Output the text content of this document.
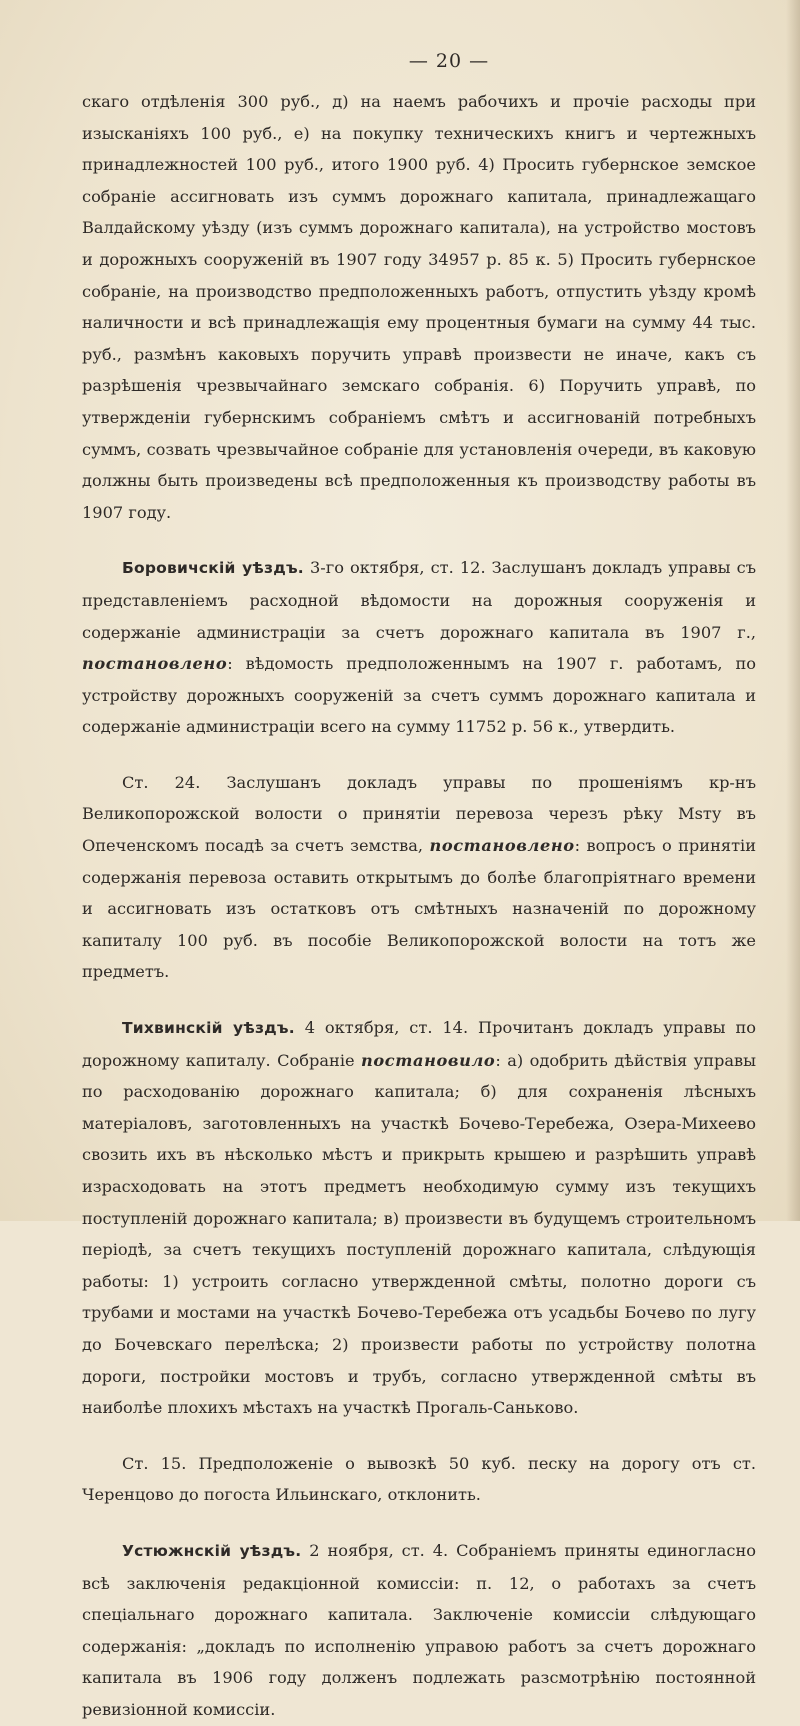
— 20 —

скаго отдѣленія 300 руб., д) на наемъ рабочихъ и прочіе расходы при изысканіяхъ 100 руб., е) на покупку техническихъ книгъ и чертежныхъ принадлежностей 100 руб., итого 1900 руб. 4) Просить губернское земское собраніе ассигновать изъ суммъ дорожнаго капитала, принадлежащаго Валдайскому уѣзду (изъ суммъ дорожнаго капитала), на устройство мостовъ и дорожныхъ сооруженій въ 1907 году 34957 р. 85 к. 5) Просить губернское собраніе, на производство предположенныхъ работъ, отпустить уѣзду кромѣ наличности и всѣ принадлежащія ему процентныя бумаги на сумму 44 тыс. руб., размѣнъ каковыхъ поручить управѣ произвести не иначе, какъ съ разрѣшенія чрезвычайнаго земскаго собранія. 6) Поручить управѣ, по утвержденіи губернскимъ собраніемъ смѣтъ и ассигнованій потребныхъ суммъ, созвать чрезвычайное собраніе для установленія очереди, въ каковую должны быть произведены всѣ предположенныя къ производству работы въ 1907 году.

Боровичскій уѣздъ. 3-го октября, ст. 12. Заслушанъ докладъ управы съ представленіемъ расходной вѣдомости на дорожныя сооруженія и содержаніе администраціи за счетъ дорожнаго капитала въ 1907 г., постановлено: вѣдомость предположеннымъ на 1907 г. работамъ, по устройству дорожныхъ сооруженій за счетъ суммъ дорожнаго капитала и содержаніе администраціи всего на сумму 11752 р. 56 к., утвердить.

Ст. 24. Заслушанъ докладъ управы по прошеніямъ кр-нъ Великопорожской волости о принятіи перевоза черезъ рѣку Msту въ Опеченскомъ посадѣ за счетъ земства, постановлено: вопросъ о принятіи содержанія перевоза оставить открытымъ до болѣе благопріятнаго времени и ассигновать изъ остатковъ отъ смѣтныхъ назначеній по дорожному капиталу 100 руб. въ пособіе Великопорожской волости на тотъ же предметъ.

Тихвинскій уѣздъ. 4 октября, ст. 14. Прочитанъ докладъ управы по дорожному капиталу. Собраніе постановило: а) одобрить дѣйствія управы по расходованію дорожнаго капитала; б) для сохраненія лѣсныхъ матеріаловъ, заготовленныхъ на участкѣ Бочево-Теребежа, Озера-Михеево свозить ихъ въ нѣсколько мѣстъ и прикрыть крышею и разрѣшить управѣ израсходовать на этотъ предметъ необходимую сумму изъ текущихъ поступленій дорожнаго капитала; в) произвести въ будущемъ строительномъ періодѣ, за счетъ текущихъ поступленій дорожнаго капитала, слѣдующія работы: 1) устроить согласно утвержденной смѣты, полотно дороги съ трубами и мостами на участкѣ Бочево-Теребежа отъ усадьбы Бочево по лугу до Бочевскаго перелѣска; 2) произвести работы по устройству полотна дороги, постройки мостовъ и трубъ, согласно утвержденной смѣты въ наиболѣе плохихъ мѣстахъ на участкѣ Прогаль-Саньково.

Ст. 15. Предположеніе о вывозкѣ 50 куб. песку на дорогу отъ ст. Черенцово до погоста Ильинскаго, отклонить.

Устюжнскій уѣздъ. 2 ноября, ст. 4. Собраніемъ приняты единогласно всѣ заключенія редакціонной комиссіи: п. 12, о работахъ за счетъ спеціальнаго дорожнаго капитала. Заключеніе комиссіи слѣдующаго содержанія: „докладъ по исполненію управою работъ за счетъ дорожнаго капитала въ 1906 году долженъ подлежать разсмотрѣнію постоянной ревизіонной комиссіи.
